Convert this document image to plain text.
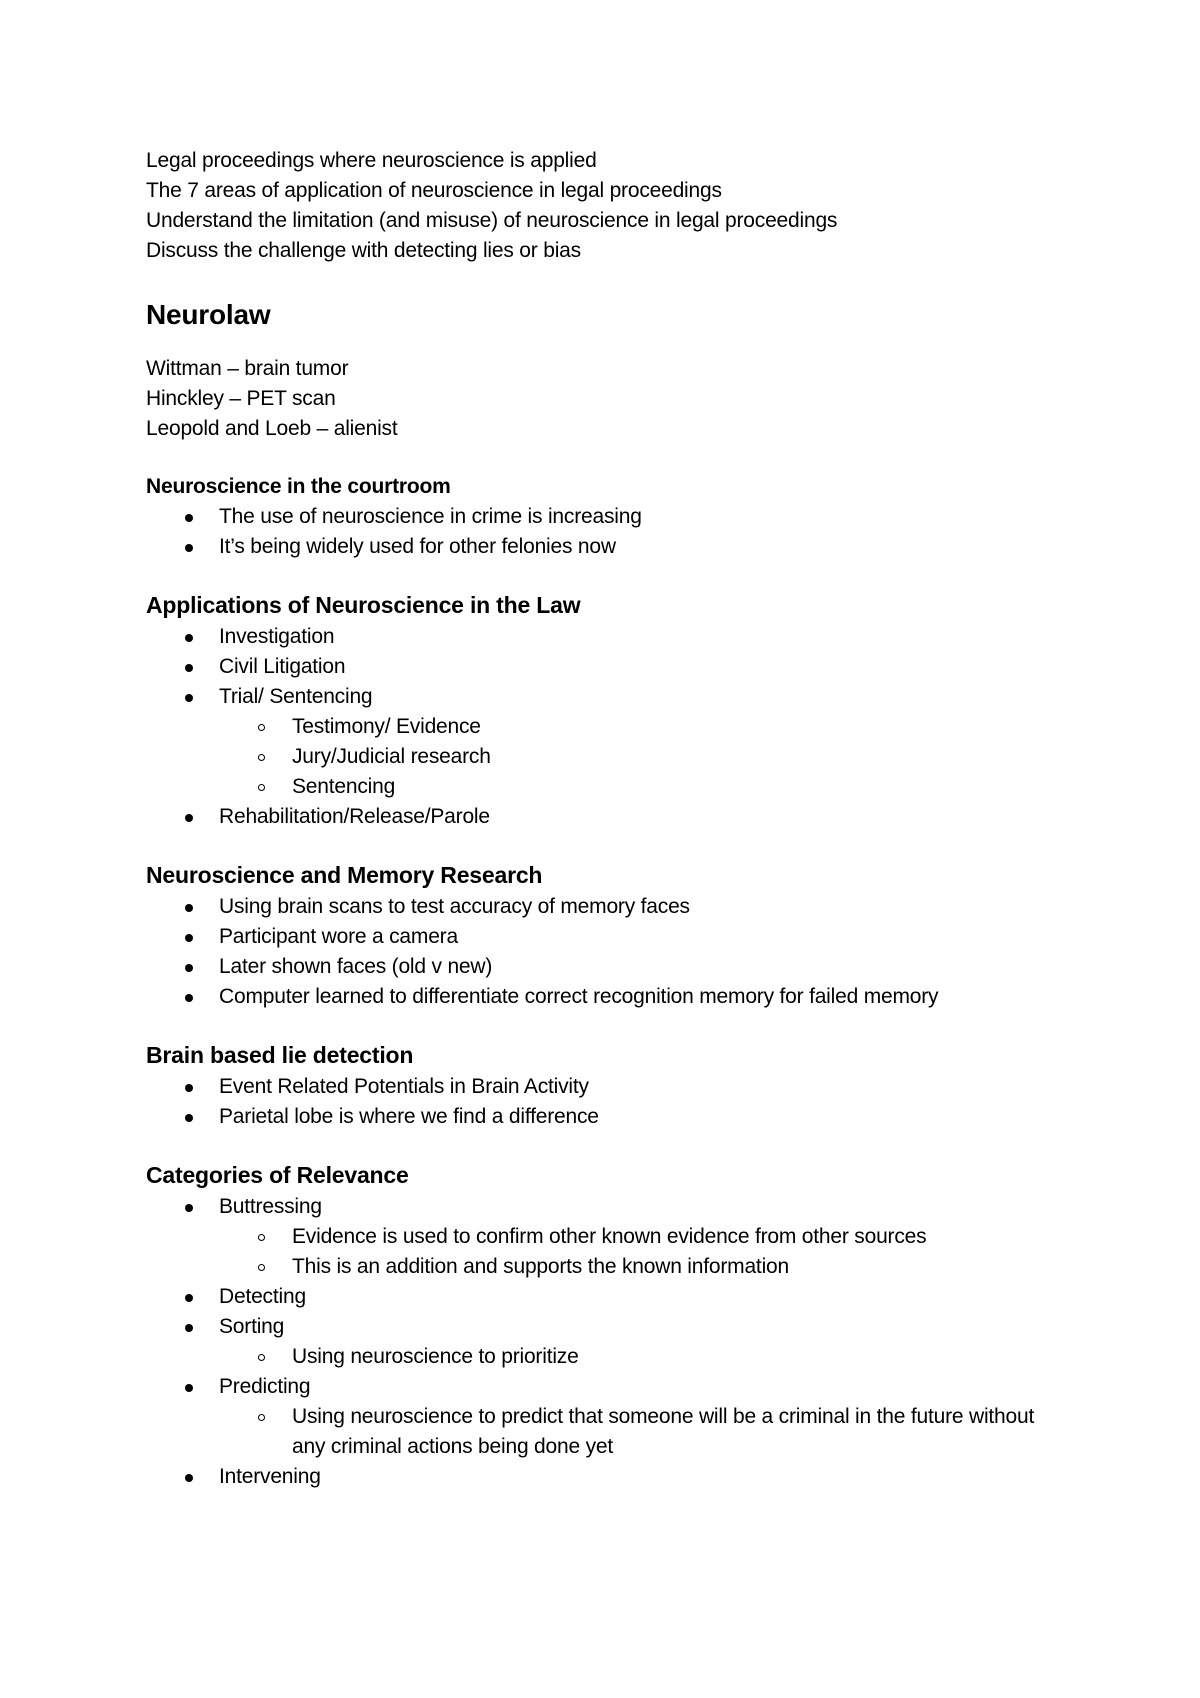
Legal proceedings where neuroscience is applied

The 7 areas of application of neuroscience in legal proceedings

Understand the limitation (and misuse) of neuroscience in legal proceedings

Discuss the challenge with detecting lies or bias

Neurolaw

Wittman – brain tumor

Hinckley – PET scan

Leopold and Loeb – alienist

Neuroscience in the courtroom
The use of neuroscience in crime is increasing
It’s being widely used for other felonies now
Applications of Neuroscience in the Law
Investigation
Civil Litigation
Trial/ Sentencing
Testimony/ Evidence
Jury/Judicial research
Sentencing
Rehabilitation/Release/Parole
Neuroscience and Memory Research
Using brain scans to test accuracy of memory faces
Participant wore a camera
Later shown faces (old v new)
Computer learned to differentiate correct recognition memory for failed memory
Brain based lie detection
Event Related Potentials in Brain Activity
Parietal lobe is where we find a difference
Categories of Relevance
Buttressing
Evidence is used to confirm other known evidence from other sources
This is an addition and supports the known information
Detecting
Sorting
Using neuroscience to prioritize
Predicting
Using neuroscience to predict that someone will be a criminal in the future without any criminal actions being done yet
Intervening
